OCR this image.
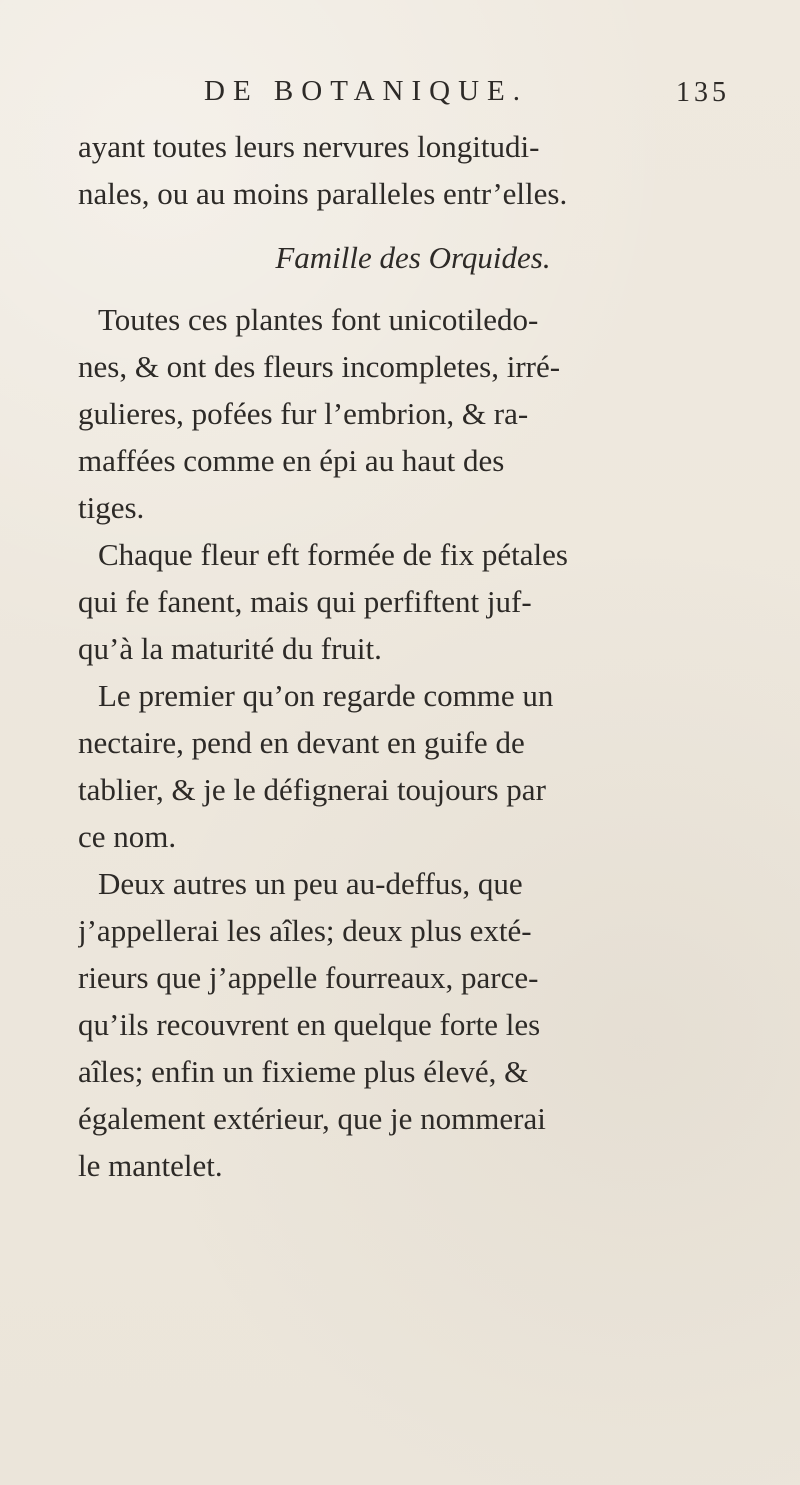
DE BOTANIQUE.	135
ayant toutes leurs nervures longitudi-
nales, ou au moins paralleles entr’elles.
Famille des Orquides.
Toutes ces plantes font unicotiledo-
nes, & ont des fleurs incompletes, irré-
gulieres, pofées fur l’embrion, & ra-
maffées comme en épi au haut des
tiges.
Chaque fleur eft formée de fix pétales
qui fe fanent, mais qui perfiftent juf-
qu’à la maturité du fruit.
Le premier qu’on regarde comme un
nectaire, pend en devant en guife de
tablier, & je le défignerai toujours par
ce nom.
Deux autres un peu au-deffus, que
j’appellerai les aîles; deux plus exté-
rieurs que j’appelle fourreaux, parce-
qu’ils recouvrent en quelque forte les
aîles; enfin un fixieme plus élevé, &
également extérieur, que je nommerai
le mantelet.
